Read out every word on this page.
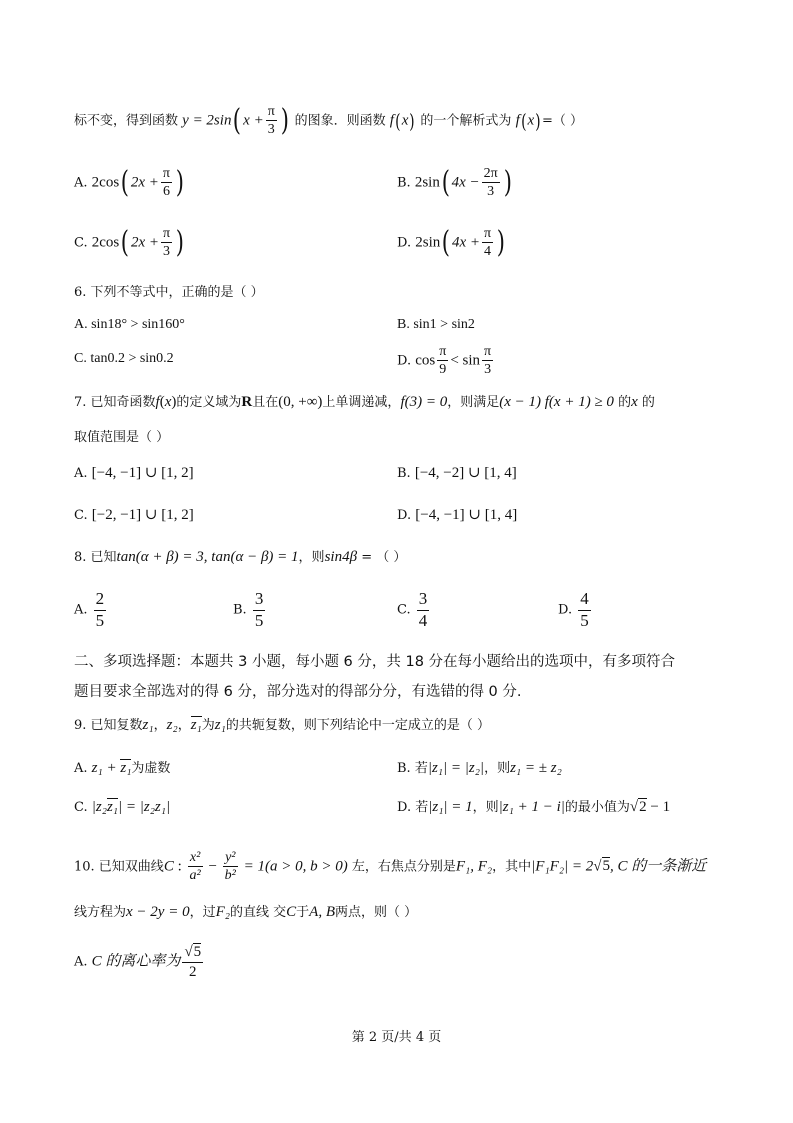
标不变，得到函数 y = 2sin( $x + \frac{\pi}{3}$ ) 的图象．则函数 f(x) 的一个解析式为 f(x)=（ ）
A. 2cos( $2x + \frac{\pi}{6}$ )	B. 2sin( $4x - \frac{2\pi}{3}$ )
C. 2cos( $2x + \frac{\pi}{3}$ )	D. 2sin( $4x + \frac{\pi}{4}$ )
6. 下列不等式中，正确的是（ ）
A. sin18° > sin160°	B. sin1 > sin2
C. tan0.2 > sin0.2	D. $\cos \frac{\pi}{9} < \sin \frac{\pi}{3}$
7. 已知奇函数f(x)的定义域为R且在(0, +∞)上单调递减，f(3) = 0，则满足(x − 1) f(x + 1) ≥ 0 的x 的
取值范围是（ ）
A. [−4, −1] ∪ [1, 2]	B. [−4, −2] ∪ [1, 4]
C. [−2, −1] ∪ [1, 2]	D. [−4, −1] ∪ [1, 4]
8. 已知tan(α + β) = 3, tan(α − β) = 1，则sin4β = （ ）
A. $\frac{2}{5}$	B. $\frac{3}{5}$	C. $\frac{3}{4}$	D. $\frac{4}{5}$
二、多项选择题：本题共 3 小题，每小题 6 分，共 18 分在每小题给出的选项中，有多项符合
题目要求全部选对的得 6 分，部分选对的得部分分，有选错的得 0 分.
9. 已知复数z₁，z₂，z₁为z₁的共轭复数，则下列结论中一定成立的是（ ）
A. z₁ + z₁为虚数	B. 若|z₁| = |z₂|，则z₁ = ± z₂
C. |z₂z₁| = |z₂z₁|	D. 若|z₁| = 1，则|z₁ + 1 − i|的最小值为√2 − 1
10. 已知双曲线C : $\frac{\text{x²}}{\text{a²}} - \frac{\text{y²}}{\text{b²}} = 1(a > 0$, b > 0) 左，右焦点分别是F₁, F₂，其中|F₁F₂| = 2√5, C 的一条渐近
线方程为x − 2y = 0，过F₂的直线 交C于A, B两点，则（ ）
A. C 的离心率为 $\frac{√5}{2}$
第 2 页/共 4 页
